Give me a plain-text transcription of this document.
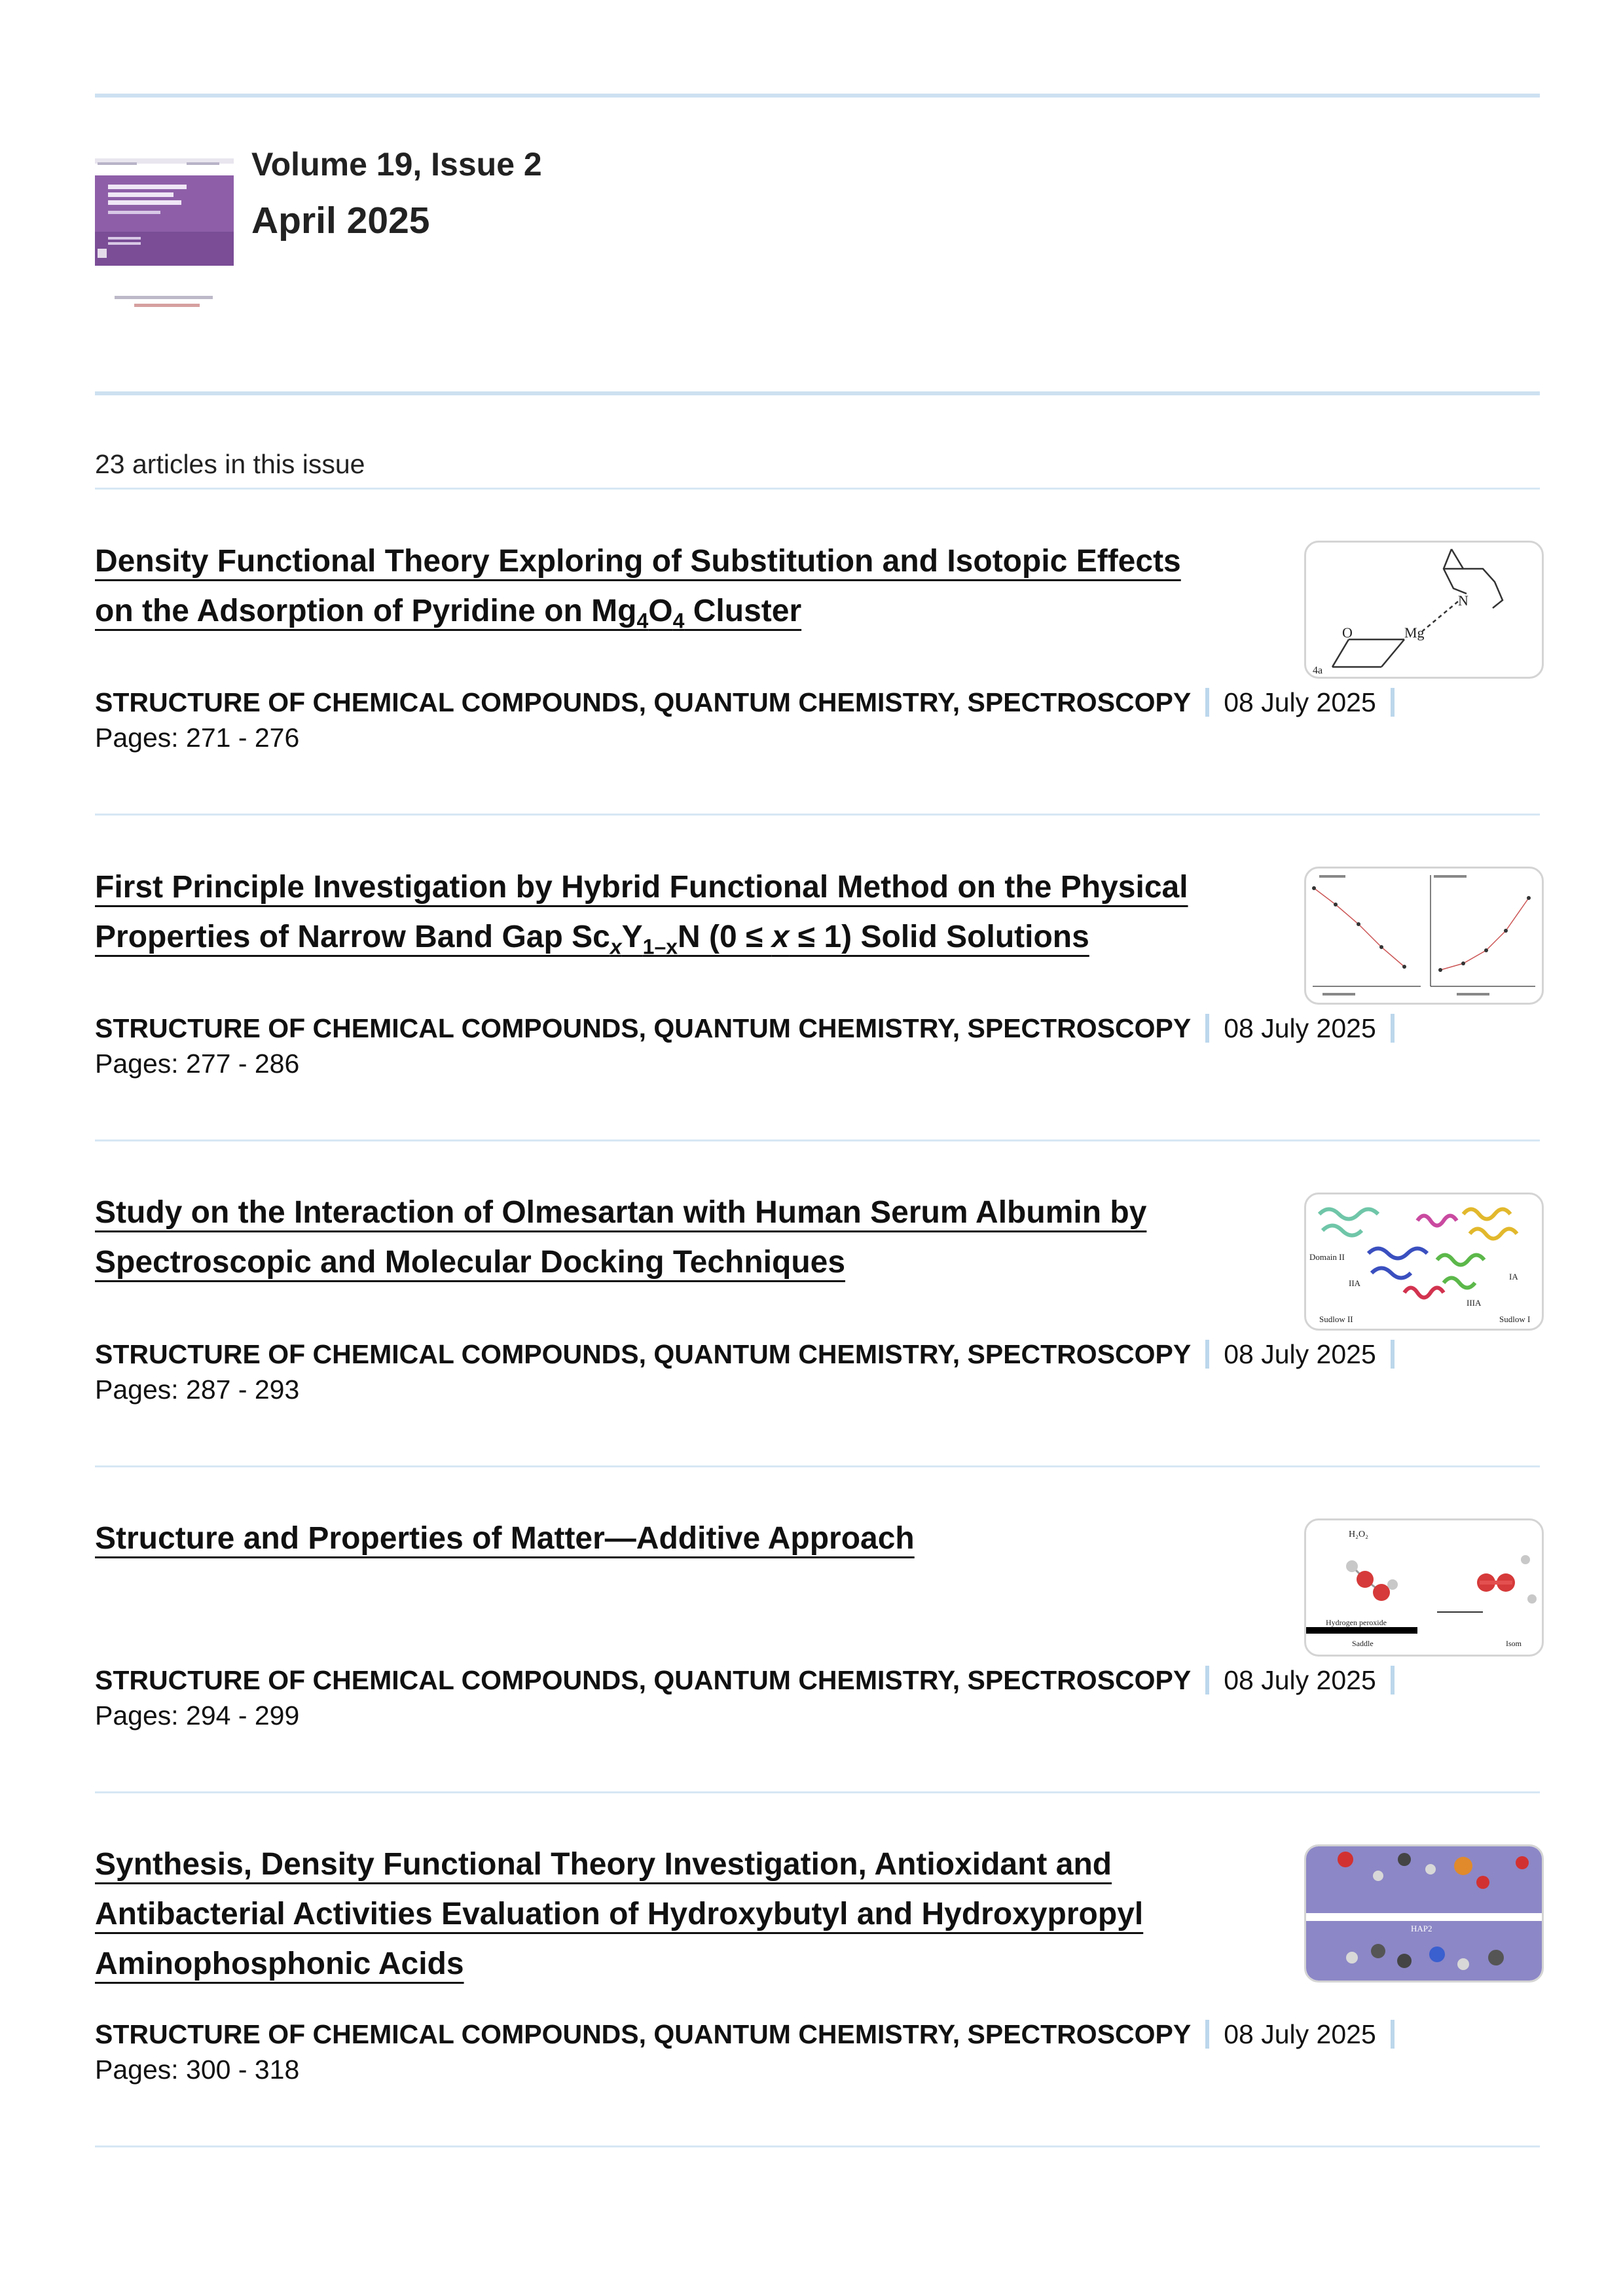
Volume 19, Issue 2
April 2025
23 articles in this issue
Density Functional Theory Exploring of Substitution and Isotopic Effects
on the Adsorption of Pyridine on $Mg_4O_4$ Cluster	N
O	Mg
4a
STRUCTURE OF CHEMICAL COMPOUNDS, QUANTUM CHEMISTRY, SPECTROSCOPY 08 July 2025
Pages: 271 - 276
First Principle Investigation by Hybrid Functional Method on the Physical
Properties of Narrow Band Gap $Sc_xY_{1-x}N$ (0 ≤ x ≤ 1) Solid Solutions
STRUCTURE OF CHEMICAL COMPOUNDS, QUANTUM CHEMISTRY, SPECTROSCOPY 08 July 2025
Pages: 277 - 286
Study on the Interaction of Olmesartan with Human Serum Albumin by Spectroscopic and Molecular Docking Techniques	Domain II
IIA
Sudlow II
IIIA
Sudlow I
IA
STRUCTURE OF CHEMICAL COMPOUNDS, QUANTUM CHEMISTRY, SPECTROSCOPY 08 July 2025
Pages: 287 - 293
Structure and Properties of Matter—Additive Approach	H₂O₂
Hydrogen peroxide
Saddle	Isom
STRUCTURE OF CHEMICAL COMPOUNDS, QUANTUM CHEMISTRY, SPECTROSCOPY 08 July 2025
Pages: 294 - 299
Synthesis, Density Functional Theory Investigation, Antioxidant and Antibacterial Activities Evaluation of Hydroxybutyl and Hydroxypropyl Aminophosphonic Acids
HAP2
STRUCTURE OF CHEMICAL COMPOUNDS, QUANTUM CHEMISTRY, SPECTROSCOPY 08 July 2025
Pages: 300 - 318
